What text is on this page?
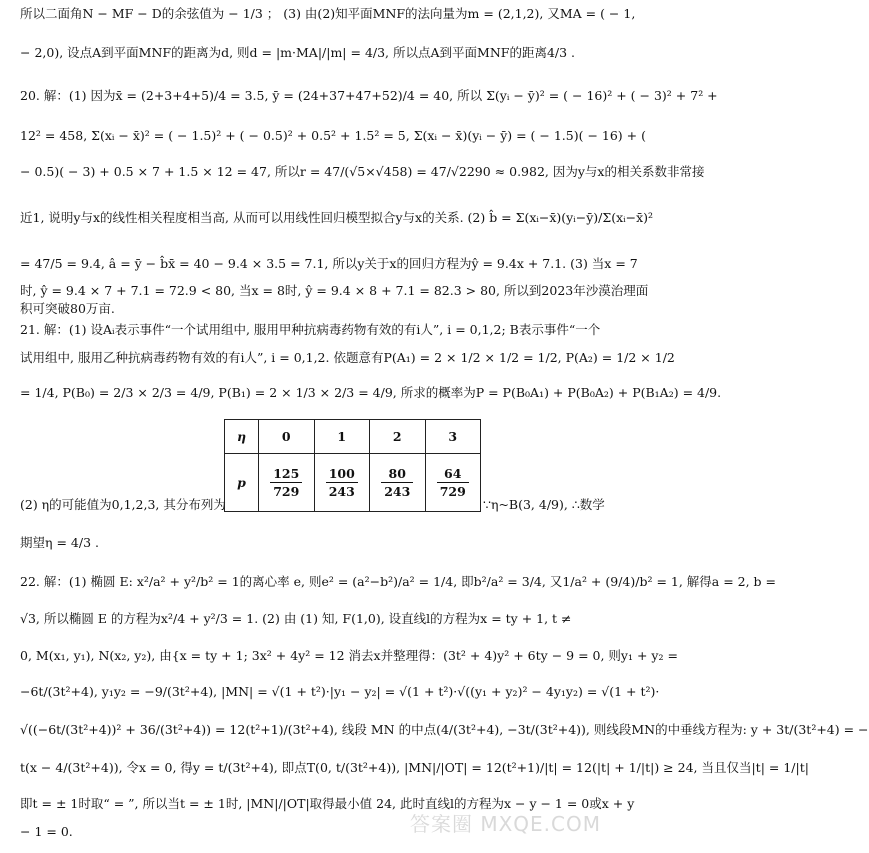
所以二面角N − MF − D的余弦值为 − 1/3 ； (3) 由(2)知平面MNF的法向量为m = (2,1,2), 又MA = ( − 1,
− 2,0), 设点A到平面MNF的距离为d, 则d = |m·MA|/|m| = 4/3, 所以点A到平面MNF的距离4/3 .
20. 解：(1) 因为x̄ = (2+3+4+5)/4 = 3.5, ȳ = (24+37+47+52)/4 = 40, 所以 Σ(yᵢ − ȳ)² = ( − 16)² + ( − 3)² + 7² +
12² = 458, Σ(xᵢ − x̄)² = ( − 1.5)² + ( − 0.5)² + 0.5² + 1.5² = 5, Σ(xᵢ − x̄)(yᵢ − ȳ) = ( − 1.5)( − 16) + (
− 0.5)( − 3) + 0.5 × 7 + 1.5 × 12 = 47, 所以r = 47/(√5×√458) = 47/√2290 ≈ 0.982, 因为y与x的相关系数非常接
近1, 说明y与x的线性相关程度相当高, 从而可以用线性回归模型拟合y与x的关系. (2) b̂ = Σ(xᵢ−x̄)(yᵢ−ȳ)/Σ(xᵢ−x̄)²
= 47/5 = 9.4, â = ȳ − b̂x̄ = 40 − 9.4 × 3.5 = 7.1, 所以y关于x的回归方程为ŷ = 9.4x + 7.1. (3) 当x = 7
时, ŷ = 9.4 × 7 + 7.1 = 72.9 < 80, 当x = 8时, ŷ = 9.4 × 8 + 7.1 = 82.3 > 80, 所以到2023年沙漠治理面
积可突破80万亩.
21. 解：(1) 设Aᵢ表示事件“一个试用组中, 服用甲种抗病毒药物有效的有i人”, i = 0,1,2; B表示事件“一个
试用组中, 服用乙种抗病毒药物有效的有i人”, i = 0,1,2. 依题意有P(A₁) = 2 × 1/2 × 1/2 = 1/2, P(A₂) = 1/2 × 1/2
= 1/4, P(B₀) = 2/3 × 2/3 = 4/9, P(B₁) = 2 × 1/3 × 2/3 = 4/9, 所求的概率为P = P(B₀A₁) + P(B₀A₂) + P(B₁A₂) = 4/9.
(2) η的可能值为0,1,2,3, 其分布列为
η	0	1	2	3
p	$\frac{125}{729}$	$\frac{100}{243}$	$\frac{80}{243}$	$\frac{64}{729}$
∵η~B(3, 4/9), ∴数学
期望η = 4/3 .
22. 解：(1) 椭圆 E: x²/a² + y²/b² = 1的离心率 e, 则e² = (a²−b²)/a² = 1/4, 即b²/a² = 3/4, 又1/a² + (9/4)/b² = 1, 解得a = 2, b =
√3, 所以椭圆 E 的方程为x²/4 + y²/3 = 1. (2) 由 (1) 知, F(1,0), 设直线l的方程为x = ty + 1, t ≠
0, M(x₁, y₁), N(x₂, y₂), 由{x = ty + 1; 3x² + 4y² = 12 消去x并整理得：(3t² + 4)y² + 6ty − 9 = 0, 则y₁ + y₂ =
−6t/(3t²+4), y₁y₂ = −9/(3t²+4), |MN| = √(1 + t²)·|y₁ − y₂| = √(1 + t²)·√((y₁ + y₂)² − 4y₁y₂) = √(1 + t²)·
√((−6t/(3t²+4))² + 36/(3t²+4)) = 12(t²+1)/(3t²+4), 线段 MN 的中点(4/(3t²+4), −3t/(3t²+4)), 则线段MN的中垂线方程为: y + 3t/(3t²+4) = −
t(x − 4/(3t²+4)), 令x = 0, 得y = t/(3t²+4), 即点T(0, t/(3t²+4)), |MN|/|OT| = 12(t²+1)/|t| = 12(|t| + 1/|t|) ≥ 24, 当且仅当|t| = 1/|t|
即t = ± 1时取“ = ”, 所以当t = ± 1时, |MN|/|OT|取得最小值 24, 此时直线l的方程为x − y − 1 = 0或x + y
− 1 = 0.	答案圈 MXQE.COM
